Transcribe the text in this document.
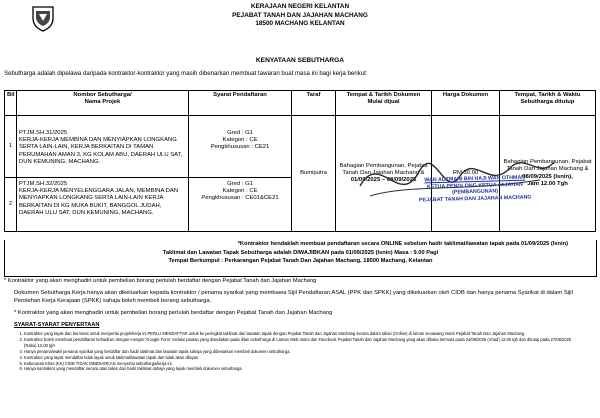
KERAJAAN NEGERI KELANTAN
PEJABAT TANAH DAN JAJAHAN MACHANG
18500 MACHANG KELANTAN
KENYATAAN SEBUTHARGA
Sebutharga adalah dipelawa daripada kontraktor-kontraktor yang masih dibenarkan membuat tawaran buat masa ini bagi kerja berikut:
Bil	Nombor Sebutharga/
Nama Projek
	Syarat Pendaftaran	Taraf	Tempat & Tarikh Dokumen
Mulai dijual
	Harga Dokumen	Tempat, Tarikh & Waktu
Sebutharga ditutup

1	
PTJM.SH.31/2025
KERJA-KERJA MEMBINA DAN MENYIAPKAN LONGKANG SERTA LAIN-LAIN, KERJA BERKAITAN DI TAMAN PERUMAHAN AMAN 3, KG KOLAM ABU, DAERAH ULU SAT, DUN KEMUNING, MACHANG.

Gred : G1
Kategori : CE
Pengkhususan : CE21
	Bumiputra	
Bahagian Pembangunan, Pejabat Tanah Dan Jajahan Machang &
01/09/2025 – 08/09/2025
	RM 50.00	
Bahagian Pembangunan, Pejabat Tanah Dan Jajahan Machang &
08/09/2025 (Isnin),
Jam 12.00 Tgh

2	
PTJM.SH.32/2025
KERJA-KERJA MENYELENGGARA JALAN, MEMBINA DAN MENYIAPKAN LONGKANG SERTA LAIN-LAIN KERJA BERKAITAN DI KG MUKA BUKIT, BANGGOL JUDAH, DAERAH ULU SAT, DUN KEMUNING, MACHANG.

Gred : G1
Kategori : CE
Pengkhususan : CE01&CE21
WAN ADZMANI BIN HAJI WAN OTHMAN
KETUA PENOLONG KETUA JAJAHAN
(PEMBANGUNAN)
PEJABAT TANAH DAN JAJAHAN MACHANG
*Kontraktor hendaklah membuat pendaftaran secara ONLINE sebelum hadir taklimat/lawatan tapak pada 01/09/2025 (Isnin)
Taklimat dan Lawatan Tapak Sebutharga adalah DIWAJIBKAN pada 01/09/2025 (Isnin) Masa : 9.00 Pagi
Tempat Berkumpul : Perkarangan Pejabat Tanah Dan Jajahan Machang, 18500 Machang, Kelantan
* Kontraktor yang akan menghadiri untuk pembelian borang perlulah berdaftar dengan Pejabat Tanah dan Jajahan Machang
Dokumen Sebutharga Kerja hanya akan dikeluarkan kepada kontraktor / penama syarikat yang membawa Sijil Pendaftaran ASAL (PPK dan SPKK) yang dikeluarkan oleh CIDB dan hanya penama Syarikat di dalam Sijil Perolehan Kerja Kerajaan (SPKK) sahaja boleh membeli borang sebutharga.
* Kontraktor yang akan menghadiri untuk pembelian borang perlulah berdaftar dengan Pejabat Tanah dan Jajahan Machang
SYARAT-SYARAT PENYERTAAN
1. Kontraktor yang layak dan berminat untuk menyertai projek/kerja ini PERLU MENDAFTAR untuk ke peringkat taklimat dan lawatan tapak dengan Pejabat Tanah dan Jajahan Machang secara dalam talian (Online) di laman sesawang rasmi Pejabat Tanah Dan Jajahan Machang.
2. Kontraktor boleh membuat pendaftaran kehadiran dengan mengisi 'Google Form' melalui pautan yang disediakan pada iklan sebutharga di Laman Web rasmi dan Facebook Pejabat Tanah dan Jajahan Machang yang akan dibuka bermula pada 24/08/2025 (Ahad) 12.00 tgh dan ditutup pada 27/08/2025 (Rabu) 12.00 tgh
3. Hanya penama/wakil penama syarikat yang berdaftar dan hadir taklimat dan lawatan tapak sahaja yang dibenarkan membeli dokumen sebutharga.
4. Kontraktor yang layak mendaftar tidak layak untuk taklimat/lawatan tapak dan tidak akan dilayan.
5. Kebenaran Khas (KK) CIDB TIDAK DIBENARKAN menyertai sebutharga/kerja ini.
6. Hanya kontraktor yang mendaftar secara atas talian dan hadir taklimat sahaja yang layak membeli dokumen sebutharga.
